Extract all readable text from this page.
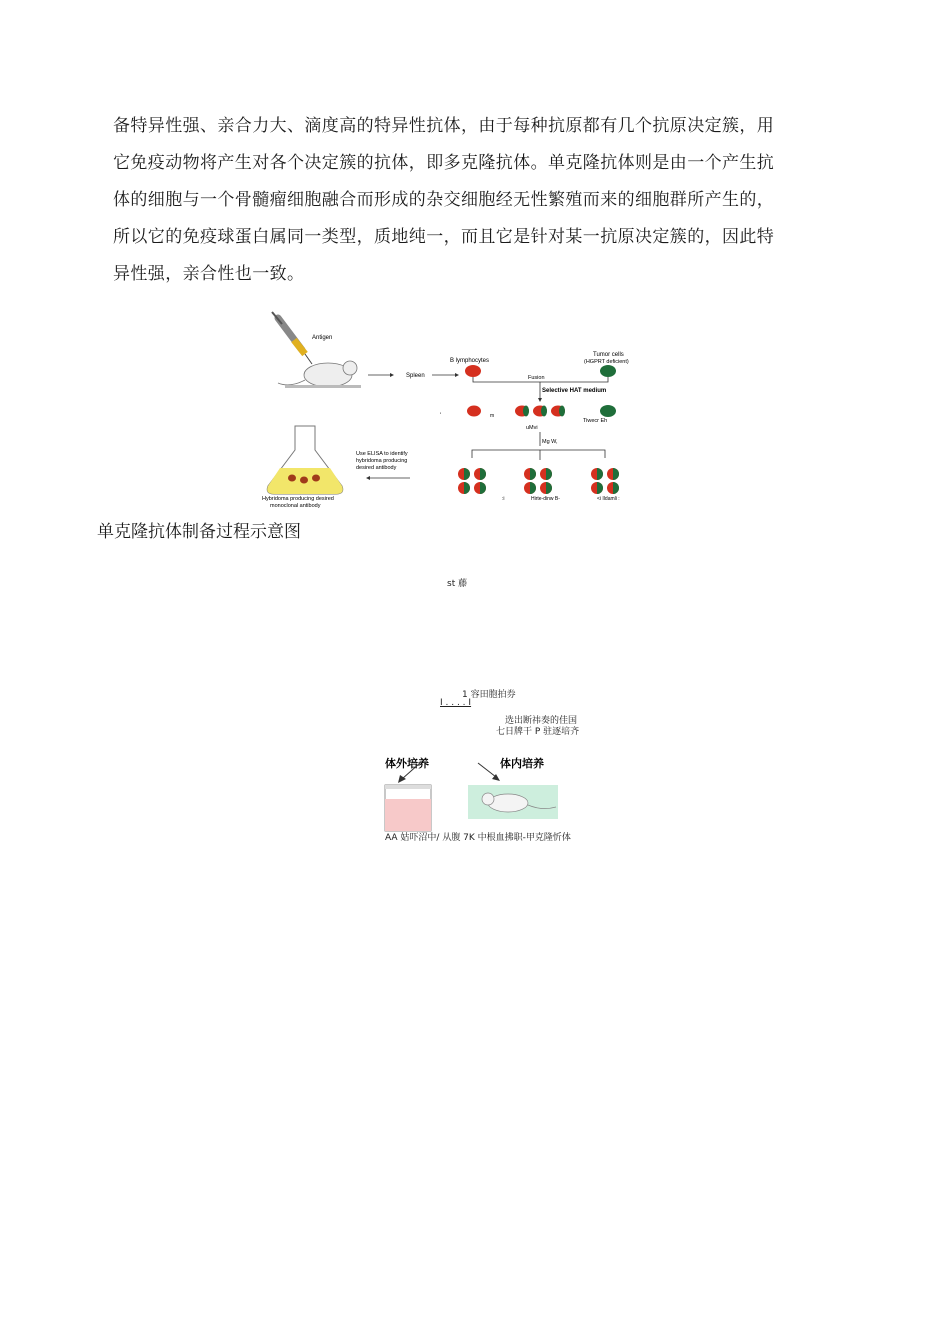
备特异性强、亲合力大、滴度高的特异性抗体，由于每种抗原都有几个抗原决定簇，用

它免疫动物将产生对各个决定簇的抗体，即多克隆抗体。单克隆抗体则是由一个产生抗

体的细胞与一个骨髓瘤细胞融合而形成的杂交细胞经无性繁殖而来的细胞群所产生的，

所以它的免疫球蛋白属同一类型，质地纯一，而且它是针对某一抗原决定簇的，因此特

异性强，亲合性也一致。

Antigen
Spleen
B lymphocytes
Tumor cells
(HGPRT deficient)
Fusion
Selective HAT medium
'	m
uMvi
Tiwecr Eh
Mg W,
:i	Hirte-dinw B-	<i Ildamli :
Hybridoma producing desired
monoclonal antibody
Use ELISA to identify
hybridoma producing
desired antibody
单克隆抗体制备过程示意图
st 藤
1 容田胞拍券
I . . . . I
选出断祎奏的佳国
七日牌干 P 驻逐培齐
体外培养	体内培养
AA 姑吓沼中/ 从腹 7K 中根血拂职-甲克隆忻体
